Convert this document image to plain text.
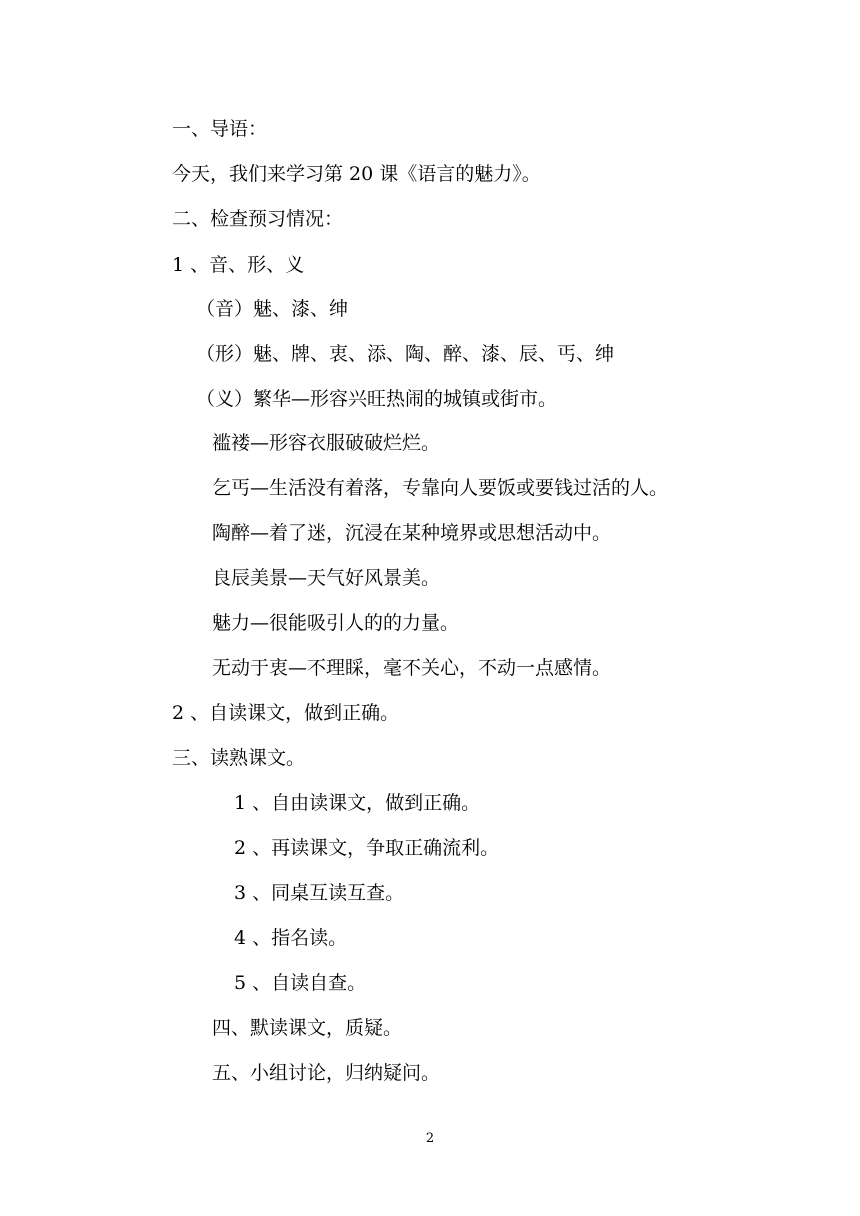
一、导语：

今天，我们来学习第 20 课《语言的魅力》。

二、检查预习情况：

1 、音、形、义

（音）魅、漆、绅

（形）魅、牌、衷、添、陶、醉、漆、辰、丐、绅

（义）繁华—形容兴旺热闹的城镇或街市。

褴褛—形容衣服破破烂烂。

乞丐—生活没有着落，专靠向人要饭或要钱过活的人。

陶醉—着了迷，沉浸在某种境界或思想活动中。

良辰美景—天气好风景美。

魅力—很能吸引人的的力量。

无动于衷—不理睬，毫不关心，不动一点感情。

2 、自读课文，做到正确。

三、读熟课文。

1 、自由读课文，做到正确。

2 、再读课文，争取正确流利。

3 、同桌互读互查。

4 、指名读。

5 、自读自查。

四、默读课文，质疑。

五、小组讨论，归纳疑问。

2
